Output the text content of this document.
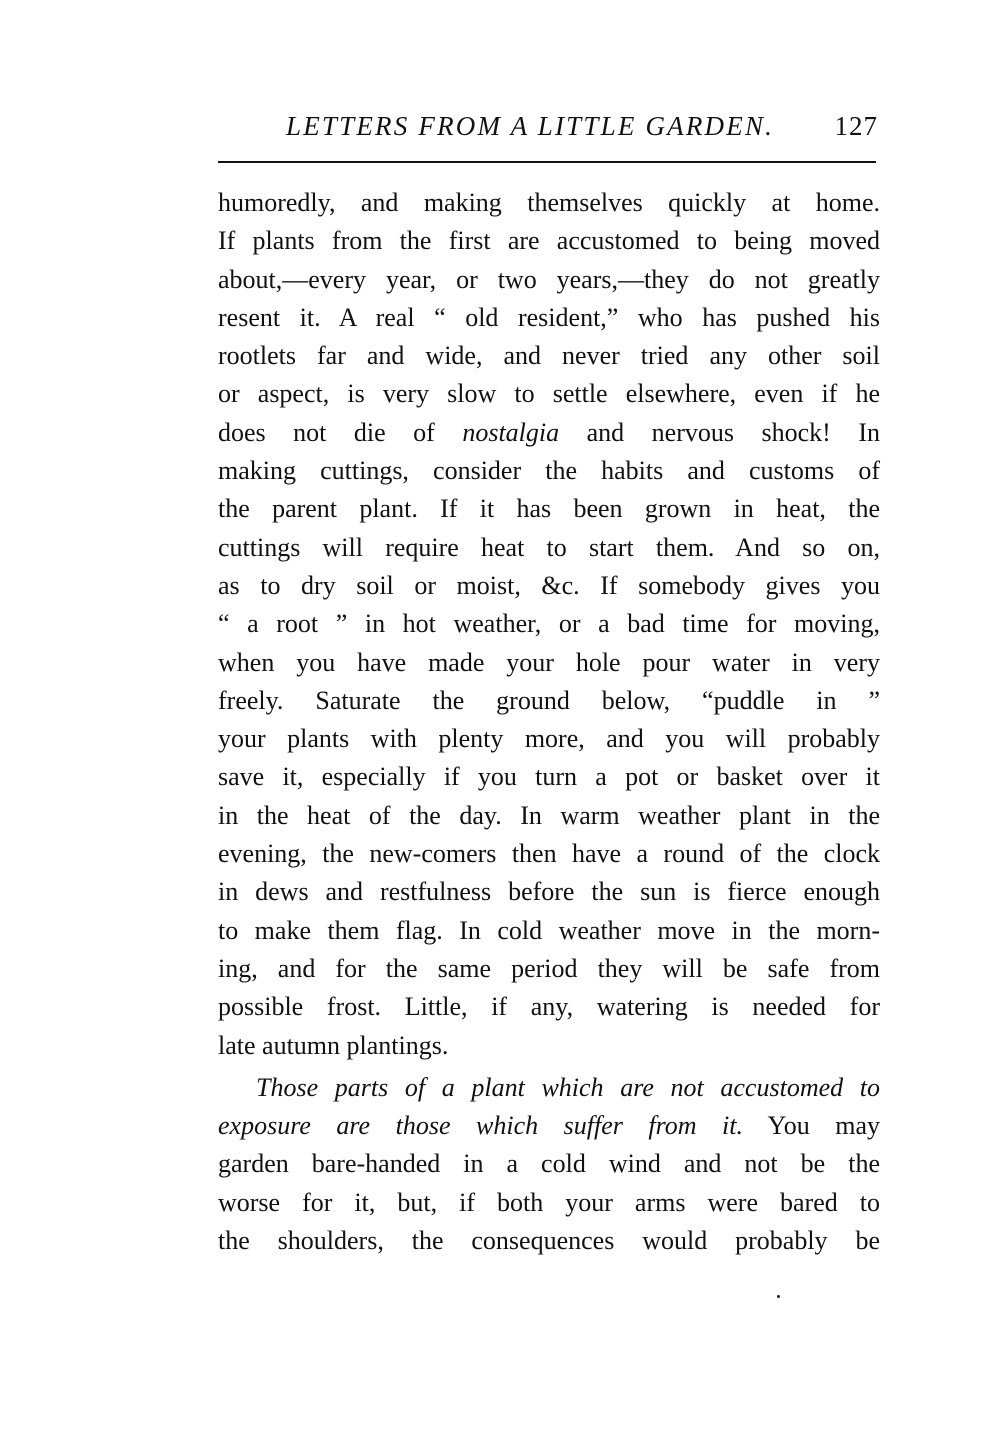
LETTERS FROM A LITTLE GARDEN. 127
humoredly, and making themselves quickly at home.
If plants from the first are accustomed to being moved
about,—every year, or two years,—they do not greatly
resent it. A real “ old resident,” who has pushed his
rootlets far and wide, and never tried any other soil
or aspect, is very slow to settle elsewhere, even if he
does not die of nostalgia and nervous shock! In
making cuttings, consider the habits and customs of
the parent plant. If it has been grown in heat, the
cuttings will require heat to start them. And so on,
as to dry soil or moist, &c. If somebody gives you
“ a root ” in hot weather, or a bad time for moving,
when you have made your hole pour water in very
freely. Saturate the ground below, “puddle in ”
your plants with plenty more, and you will probably
save it, especially if you turn a pot or basket over it
in the heat of the day. In warm weather plant in the
evening, the new-comers then have a round of the clock
in dews and restfulness before the sun is fierce enough
to make them flag. In cold weather move in the morn-
ing, and for the same period they will be safe from
possible frost. Little, if any, watering is needed for
late autumn plantings.
Those parts of a plant which are not accustomed to
exposure are those which suffer from it. You may
garden bare-handed in a cold wind and not be the
worse for it, but, if both your arms were bared to
the shoulders, the consequences would probably be
